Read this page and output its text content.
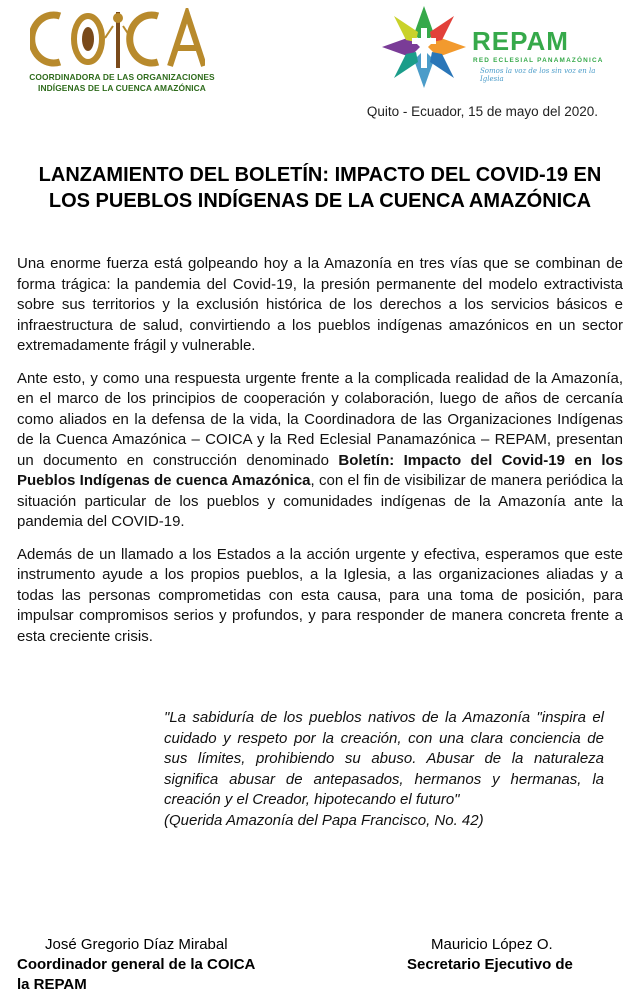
COORDINADORA DE LAS ORGANIZACIONES
INDÍGENAS DE LA CUENCA AMAZÓNICA
REPAM
RED ECLESIAL PANAMAZÓNICA
Somos la voz de los sin voz en la Iglesia
Quito - Ecuador, 15 de mayo del 2020.
LANZAMIENTO DEL BOLETÍN: IMPACTO DEL COVID-19 EN LOS PUEBLOS INDÍGENAS DE LA CUENCA AMAZÓNICA

Una enorme fuerza está golpeando hoy a la Amazonía en tres vías que se combinan de forma trágica: la pandemia del Covid-19, la presión permanente del modelo extractivista sobre sus territorios y la exclusión histórica de los derechos a los servicios básicos e infraestructura de salud, convirtiendo a los pueblos indígenas amazónicos en un sector extremadamente frágil y vulnerable.

Ante esto, y como una respuesta urgente frente a la complicada realidad de la Amazonía, en el marco de los principios de cooperación y colaboración, luego de años de cercanía como aliados en la defensa de la vida, la Coordinadora de las Organizaciones Indígenas de la Cuenca Amazónica – COICA y la Red Eclesial Panamazónica – REPAM, presentan un documento en construcción denominado Boletín: Impacto del Covid-19 en los Pueblos Indígenas de cuenca Amazónica, con el fin de visibilizar de manera periódica la situación particular de los pueblos y comunidades indígenas de la Amazonía ante la pandemia del COVID-19.

Además de un llamado a los Estados a la acción urgente y efectiva, esperamos que este instrumento ayude a los propios pueblos, a la Iglesia, a las organizaciones aliadas y a todas las personas comprometidas con esta causa, para una toma de posición, para impulsar compromisos serios y profundos, y para responder de manera concreta frente a esta creciente crisis.

"La sabiduría de los pueblos nativos de la Amazonía "inspira el cuidado y respeto por la creación, con una clara conciencia de sus límites, prohibiendo su abuso. Abusar de la naturaleza significa abusar de antepasados, hermanos y hermanas, la creación y el Creador, hipotecando el futuro"
(Querida Amazonía del Papa Francisco, No. 42)
José Gregorio Díaz Mirabal
Coordinador general de la COICA
la REPAM
Mauricio López O.
Secretario Ejecutivo de
